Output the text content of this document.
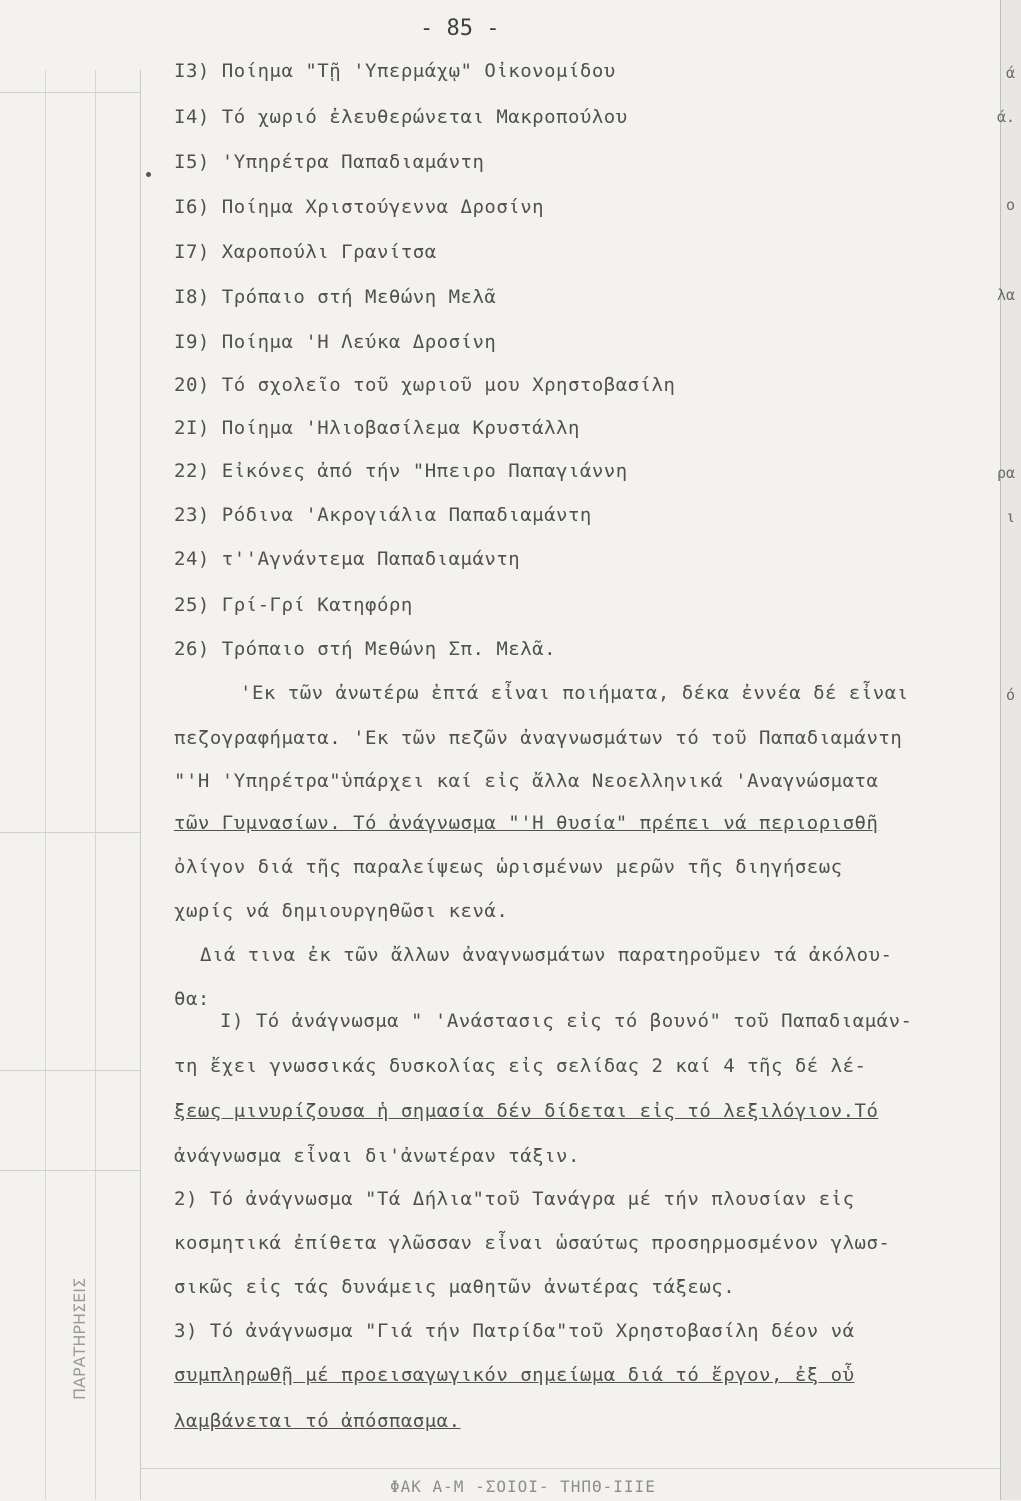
- 85 -
ΠΑΡΑΤΗΡΗΣΕΙΣ
Ι3) Ποίημα "Τῇ 'Υπερμάχῳ" Οἰκονομίδου
Ι4) Τό χωριό ἐλευθερώνεται Μακροπούλου
Ι5) 'Υπηρέτρα Παπαδιαμάντη
Ι6) Ποίημα Χριστούγεννα Δροσίνη
Ι7) Χαροπούλι Γρανίτσα
Ι8) Τρόπαιο στή Μεθώνη Μελᾶ
Ι9) Ποίημα 'Η Λεύκα Δροσίνη
20) Τό σχολεῖο τοῦ χωριοῦ μου Χρηστοβασίλη
2Ι) Ποίημα 'Ηλιοβασίλεμα Κρυστάλλη
22) Εἰκόνες ἀπό τήν "Ηπειρο Παπαγιάννη
23) Ρόδινα 'Ακρογιάλια Παπαδιαμάντη
24) τ''Αγνάντεμα Παπαδιαμάντη
25) Γρί-Γρί Κατηφόρη
26) Τρόπαιο στή Μεθώνη Σπ. Μελᾶ.
'Εκ τῶν ἀνωτέρω ἑπτά εἶναι ποιήματα, δέκα ἐννέα δέ εἶναι
πεζογραφήματα. 'Εκ τῶν πεζῶν ἀναγνωσμάτων τό τοῦ Παπαδιαμάντη
"'Η 'Υπηρέτρα"ὑπάρχει καί εἰς ἄλλα Νεοελληνικά 'Αναγνώσματα
τῶν Γυμνασίων. Τό ἀνάγνωσμα "'Η θυσία" πρέπει νά περιορισθῆ
ὀλίγον διά τῆς παραλείψεως ὡρισμένων μερῶν τῆς διηγήσεως
χωρίς νά δημιουργηθῶσι κενά.
Διά τινα ἐκ τῶν ἄλλων ἀναγνωσμάτων παρατηροῦμεν τά ἀκόλου-
θα:
Ι) Τό ἀνάγνωσμα " 'Ανάστασις εἰς τό βουνό" τοῦ Παπαδιαμάν-
τη ἔχει γνωσσικάς δυσκολίας εἰς σελίδας 2 καί 4 τῆς δέ λέ-
ξεως μινυρίζουσα ἡ σημασία δέν δίδεται εἰς τό λεξιλόγιον.Τό
ἀνάγνωσμα εἶναι δι'ἀνωτέραν τάξιν.
2) Τό ἀνάγνωσμα "Τά Δήλια"τοῦ Τανάγρα μέ τήν πλουσίαν εἰς
κοσμητικά ἐπίθετα γλῶσσαν εἶναι ὡσαύτως προσηρμοσμένον γλωσ-
σικῶς εἰς τάς δυνάμεις μαθητῶν ἀνωτέρας τάξεως.
3) Τό ἀνάγνωσμα "Γιά τήν Πατρίδα"τοῦ Χρηστοβασίλη δέον νά
συμπληρωθῇ μέ προεισαγωγικόν σημείωμα διά τό ἔργον, ἐξ οὗ
λαμβάνεται τό ἀπόσπασμα.
ά
ά.
ο
λα
ρα
ι
ό
ΦΑΚ Α-Μ -ΣΟΙΟΙ- ΤΗΠΘ-ΙΙΙΕ
